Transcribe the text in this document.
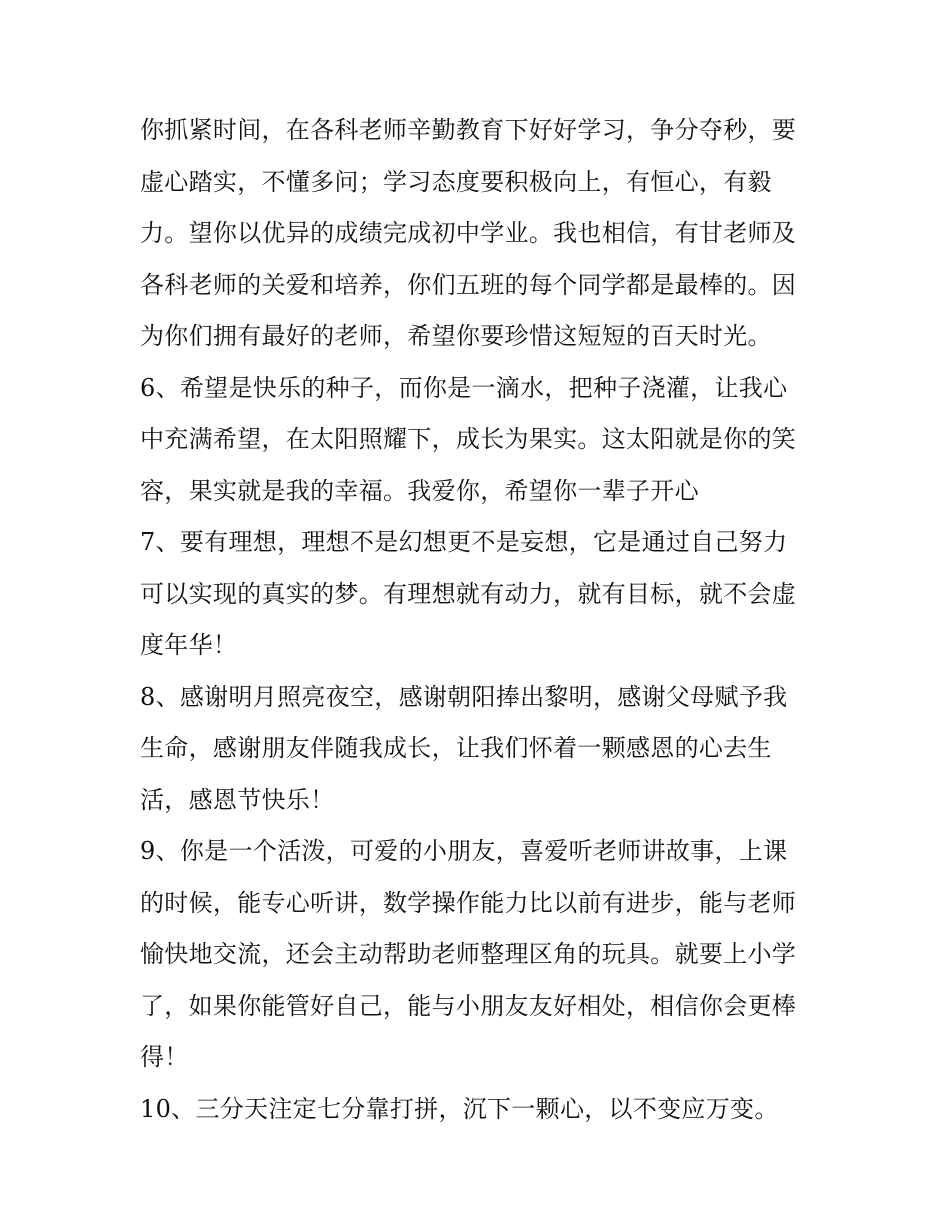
你抓紧时间，在各科老师辛勤教育下好好学习，争分夺秒，要
虚心踏实，不懂多问；学习态度要积极向上，有恒心，有毅
力。望你以优异的成绩完成初中学业。我也相信，有甘老师及
各科老师的关爱和培养，你们五班的每个同学都是最棒的。因
为你们拥有最好的老师，希望你要珍惜这短短的百天时光。
6、希望是快乐的种子，而你是一滴水，把种子浇灌，让我心
中充满希望，在太阳照耀下，成长为果实。这太阳就是你的笑
容，果实就是我的幸福。我爱你，希望你一辈子开心
7、要有理想，理想不是幻想更不是妄想，它是通过自己努力
可以实现的真实的梦。有理想就有动力，就有目标，就不会虚
度年华！
8、感谢明月照亮夜空，感谢朝阳捧出黎明，感谢父母赋予我
生命，感谢朋友伴随我成长，让我们怀着一颗感恩的心去生
活，感恩节快乐！
9、你是一个活泼，可爱的小朋友，喜爱听老师讲故事，上课
的时候，能专心听讲，数学操作能力比以前有进步，能与老师
愉快地交流，还会主动帮助老师整理区角的玩具。就要上小学
了，如果你能管好自己，能与小朋友友好相处，相信你会更棒
得！
10、三分天注定七分靠打拼，沉下一颗心，以不变应万变。
